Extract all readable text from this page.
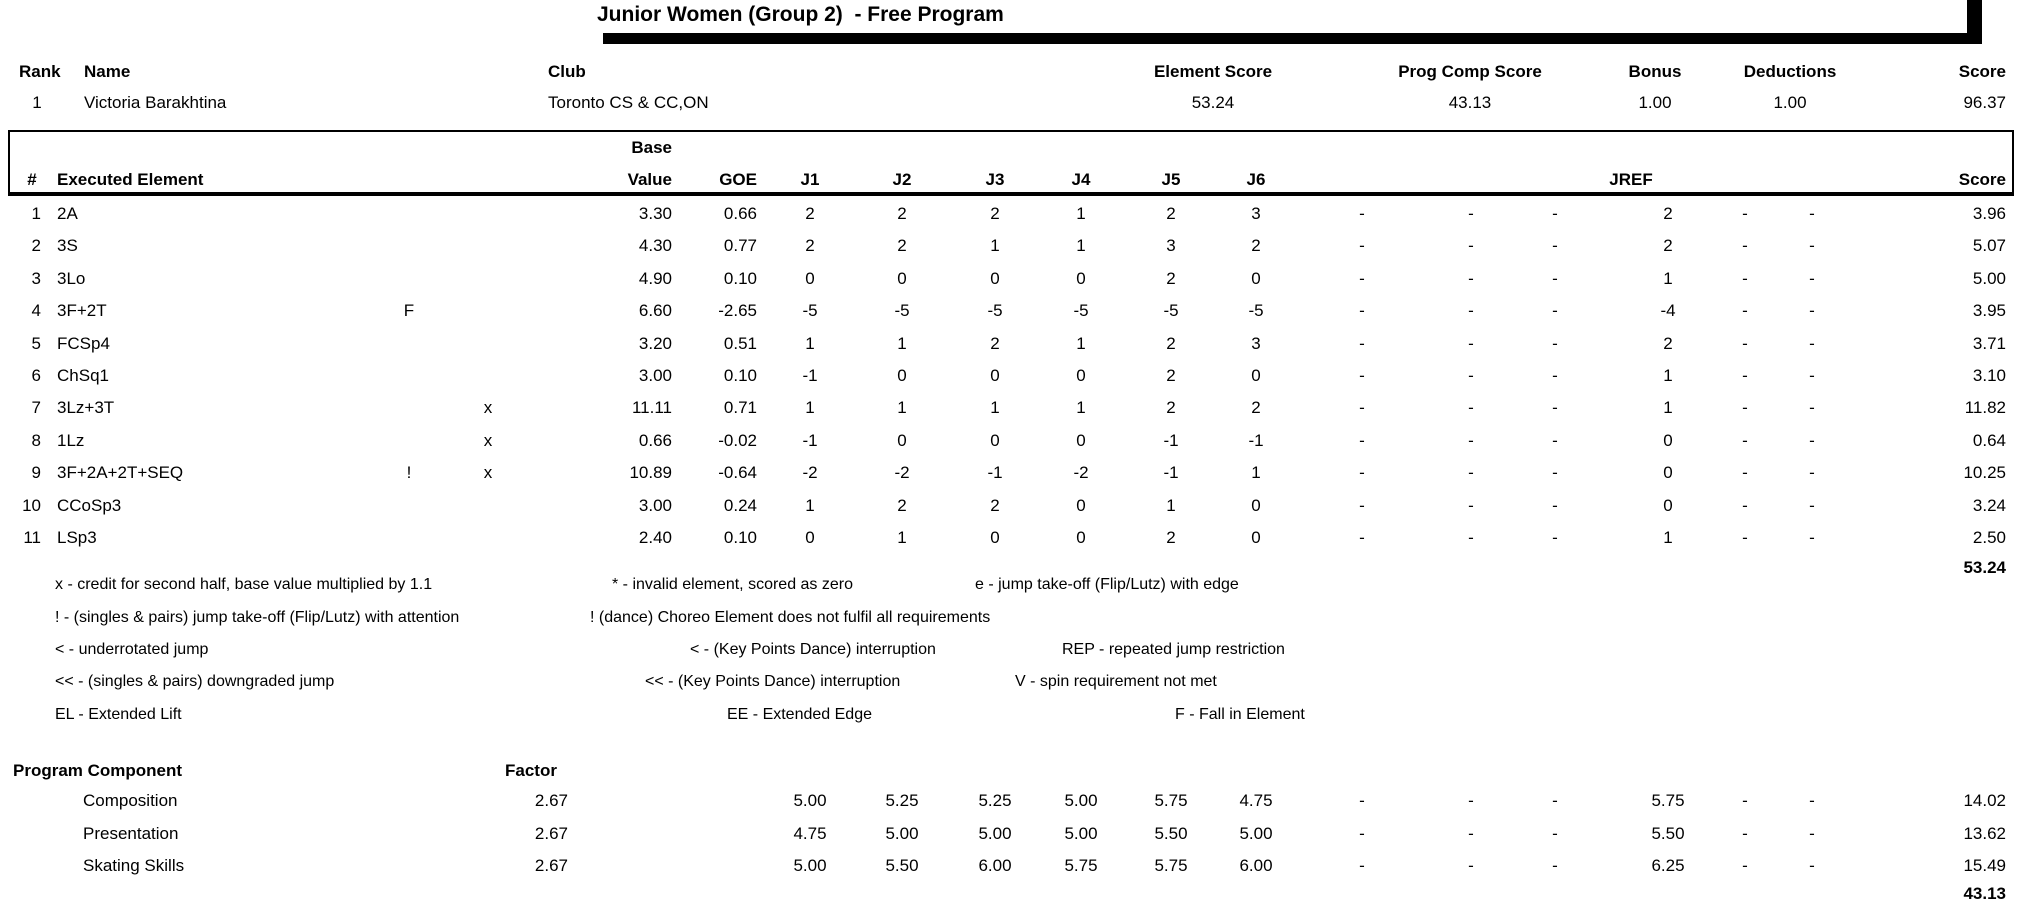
Junior Women (Group 2)  - Free Program
Rank Name	Club	Element Score	Prog Comp Score	Bonus	Deductions	Score
1	Victoria Barakhtina	Toronto CS & CC,ON	53.24	43.13	1.00	1.00	96.37
#	Executed Element
Base
Value	GOE	J1	J2	J3	J4	J5	J6	JREF	Score
53.24
Program Component	Factor
43.13
1 2A	3.30	0.66	2	2	2	1	2	3	-	-	-	2	-	-	3.96
2 3S	4.30	0.77	2	2	1	1	3	2	-	-	-	2	-	-	5.07
3 3Lo	4.90	0.10	0	0	0	0	2	0	-	-	-	1	-	-	5.00
4 3F+2T	F	6.60	-2.65	-5	-5	-5	-5	-5	-5	-	-	-	-4	-	-	3.95
5 FCSp4	3.20	0.51	1	1	2	1	2	3	-	-	-	2	-	-	3.71
6 ChSq1	3.00	0.10	-1	0	0	0	2	0	-	-	-	1	-	-	3.10
7 3Lz+3T	x	11.11	0.71	1	1	1	1	2	2	-	-	-	1	-	-	11.82
8 1Lz	x	0.66	-0.02	-1	0	0	0	-1	-1	-	-	-	0	-	-	0.64
9 3F+2A+2T+SEQ	!	x	10.89	-0.64	-2	-2	-1	-2	-1	1	-	-	-	0	-	-	10.25
10 CCoSp3	3.00	0.24	1	2	2	0	1	0	-	-	-	0	-	-	3.24
11 LSp3	2.40	0.10	0	1	0	0	2	0	-	-	-	1	-	-	2.50
x - credit for second half, base value multiplied by 1.1	* - invalid element, scored as zero	e - jump take-off (Flip/Lutz) with edge
! - (singles & pairs) jump take-off (Flip/Lutz) with attention	! (dance) Choreo Element does not fulfil all requirements
< - underrotated jump	< - (Key Points Dance) interruption	REP - repeated jump restriction
<< - (singles & pairs) downgraded jump	<< - (Key Points Dance) interruption	V - spin requirement not met
EL - Extended Lift	EE - Extended Edge	F - Fall in Element
Composition	2.67	5.00	5.25	5.25	5.00	5.75	4.75	-	-	-	5.75	-	-	14.02
Presentation	2.67	4.75	5.00	5.00	5.00	5.50	5.00	-	-	-	5.50	-	-	13.62
Skating Skills	2.67	5.00	5.50	6.00	5.75	5.75	6.00	-	-	-	6.25	-	-	15.49
